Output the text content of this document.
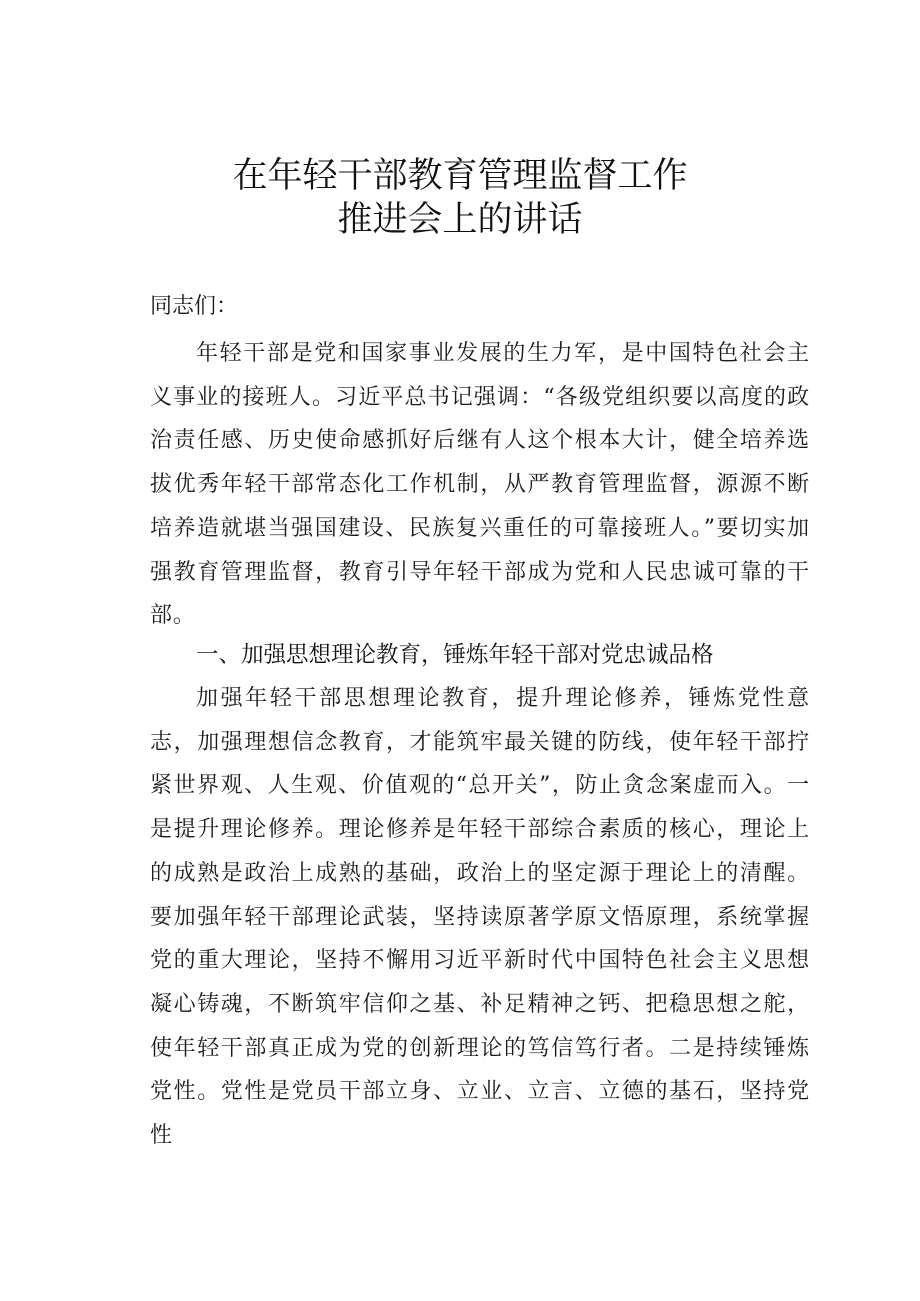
在年轻干部教育管理监督工作
推进会上的讲话
同志们：
年轻干部是党和国家事业发展的生力军，是中国特色社会主义事业的接班人。习近平总书记强调：“各级党组织要以高度的政治责任感、历史使命感抓好后继有人这个根本大计，健全培养选拔优秀年轻干部常态化工作机制，从严教育管理监督，源源不断培养造就堪当强国建设、民族复兴重任的可靠接班人。”要切实加强教育管理监督，教育引导年轻干部成为党和人民忠诚可靠的干部。
一、加强思想理论教育，锤炼年轻干部对党忠诚品格
加强年轻干部思想理论教育，提升理论修养，锤炼党性意志，加强理想信念教育，才能筑牢最关键的防线，使年轻干部拧紧世界观、人生观、价值观的“总开关”，防止贪念案虚而入。一是提升理论修养。理论修养是年轻干部综合素质的核心，理论上的成熟是政治上成熟的基础，政治上的坚定源于理论上的清醒。要加强年轻干部理论武装，坚持读原著学原文悟原理，系统掌握党的重大理论，坚持不懈用习近平新时代中国特色社会主义思想凝心铸魂，不断筑牢信仰之基、补足精神之钙、把稳思想之舵，使年轻干部真正成为党的创新理论的笃信笃行者。二是持续锤炼党性。党性是党员干部立身、立业、立言、立德的基石，坚持党性
